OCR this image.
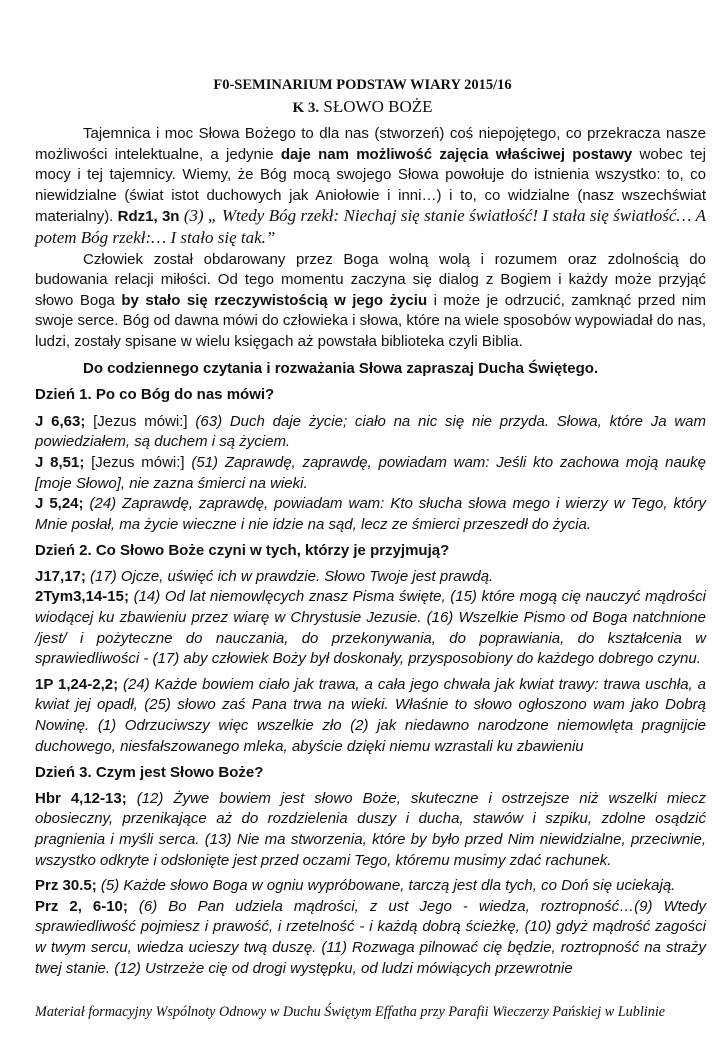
F0-SEMINARIUM PODSTAW WIARY 2015/16
K 3. SŁOWO BOŻE

Tajemnica i moc Słowa Bożego to dla nas (stworzeń) coś niepojętego, co przekracza nasze możliwości intelektualne, a jedynie daje nam możliwość zajęcia właściwej postawy wobec tej mocy i tej tajemnicy. Wiemy, że Bóg mocą swojego Słowa powołuje do istnienia wszystko: to, co niewidzialne (świat istot duchowych jak Aniołowie i inni…) i to, co widzialne (nasz wszechświat materialny). Rdz1, 3n (3) „ Wtedy Bóg rzekł: Niechaj się stanie światłość! I stała się światłość… A potem Bóg rzekł:… I stało się tak.”

Człowiek został obdarowany przez Boga wolną wolą i rozumem oraz zdolnością do budowania relacji miłości. Od tego momentu zaczyna się dialog z Bogiem i każdy może przyjąć słowo Boga by stało się rzeczywistością w jego życiu i może je odrzucić, zamknąć przed nim swoje serce. Bóg od dawna mówi do człowieka i słowa, które na wiele sposobów wypowiadał do nas, ludzi, zostały spisane w wielu księgach aż powstała biblioteka czyli Biblia.

Do codziennego czytania i rozważania Słowa zapraszaj Ducha Świętego.

Dzień 1. Po co Bóg do nas mówi?

J 6,63; [Jezus mówi:] (63) Duch daje życie; ciało na nic się nie przyda. Słowa, które Ja wam powiedziałem, są duchem i są życiem.

J 8,51; [Jezus mówi:] (51) Zaprawdę, zaprawdę, powiadam wam: Jeśli kto zachowa moją naukę [moje Słowo], nie zazna śmierci na wieki.

J 5,24; (24) Zaprawdę, zaprawdę, powiadam wam: Kto słucha słowa mego i wierzy w Tego, który Mnie posłał, ma życie wieczne i nie idzie na sąd, lecz ze śmierci przeszedł do życia.

Dzień 2. Co Słowo Boże czyni w tych, którzy je przyjmują?

J17,17; (17) Ojcze, uświęć ich w prawdzie. Słowo Twoje jest prawdą.

2Tym3,14-15; (14) Od lat niemowlęcych znasz Pisma święte, (15) które mogą cię nauczyć mądrości wiodącej ku zbawieniu przez wiarę w Chrystusie Jezusie. (16) Wszelkie Pismo od Boga natchnione /jest/ i pożyteczne do nauczania, do przekonywania, do poprawiania, do kształcenia w sprawiedliwości - (17) aby człowiek Boży był doskonały, przysposobiony do każdego dobrego czynu.

1P 1,24-2,2; (24) Każde bowiem ciało jak trawa, a cała jego chwała jak kwiat trawy: trawa uschła, a kwiat jej opadł, (25) słowo zaś Pana trwa na wieki. Właśnie to słowo ogłoszono wam jako Dobrą Nowinę. (1) Odrzuciwszy więc wszelkie zło (2) jak niedawno narodzone niemowlęta pragnijcie duchowego, niesfałszowanego mleka, abyście dzięki niemu wzrastali ku zbawieniu

Dzień 3. Czym jest Słowo Boże?

Hbr 4,12-13; (12) Żywe bowiem jest słowo Boże, skuteczne i ostrzejsze niż wszelki miecz obosieczny, przenikające aż do rozdzielenia duszy i ducha, stawów i szpiku, zdolne osądzić pragnienia i myśli serca. (13) Nie ma stworzenia, które by było przed Nim niewidzialne, przeciwnie, wszystko odkryte i odsłonięte jest przed oczami Tego, któremu musimy zdać rachunek.

Prz 30.5; (5) Każde słowo Boga w ogniu wypróbowane, tarczą jest dla tych, co Doń się uciekają.

Prz 2, 6-10; (6) Bo Pan udziela mądrości, z ust Jego - wiedza, roztropność…(9) Wtedy sprawiedliwość pojmiesz i prawość, i rzetelność - i każdą dobrą ścieżkę, (10) gdyż mądrość zagości w twym sercu, wiedza ucieszy twą duszę. (11) Rozwaga pilnować cię będzie, roztropność na straży twej stanie. (12) Ustrzeże cię od drogi występku, od ludzi mówiących przewrotnie

Materiał formacyjny Wspólnoty Odnowy w Duchu Świętym Effatha przy Parafii Wieczerzy Pańskiej w Lublinie
